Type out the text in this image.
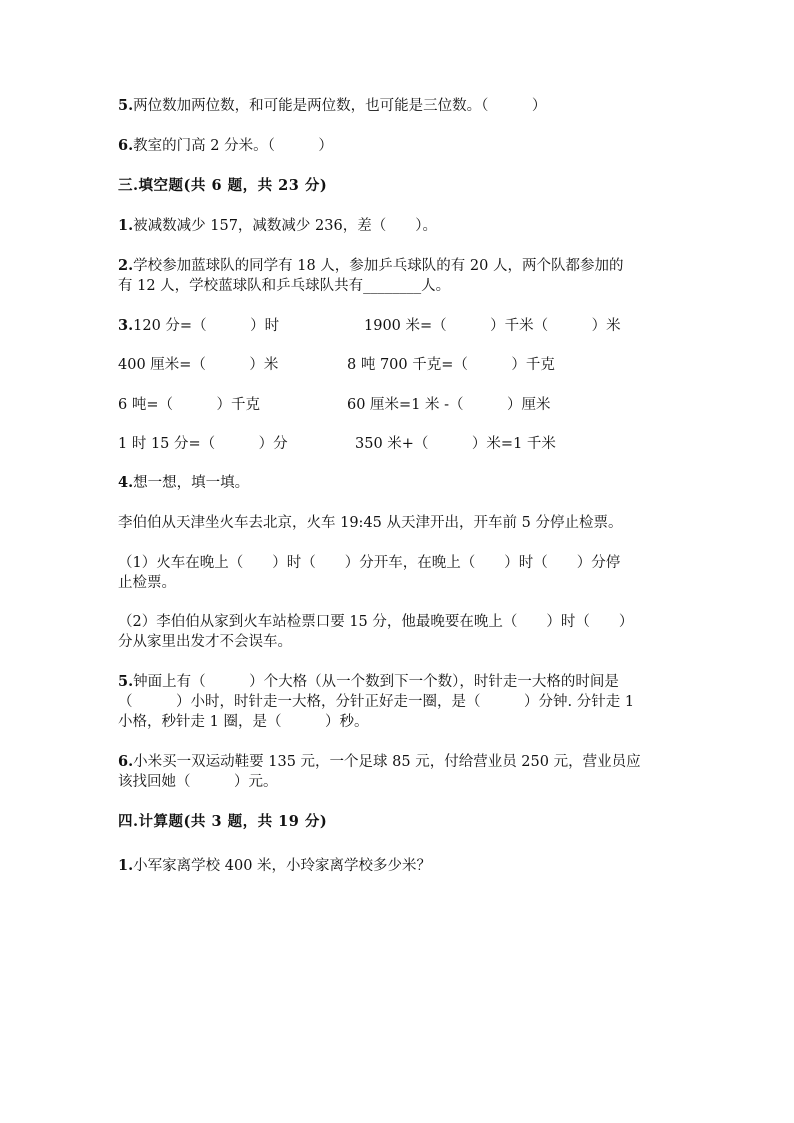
5.两位数加两位数，和可能是两位数，也可能是三位数。（　　　）
6.教室的门高 2 分米。（　　　）
三.填空题(共 6 题，共 23 分)
1.被减数减少 157，减数减少 236，差（　　）。
2.学校参加蓝球队的同学有 18 人，参加乒乓球队的有 20 人，两个队都参加的
有 12 人，学校蓝球队和乒乓球队共有________人。
3.120 分=（　　　）时	1900 米=（　　　）千米（　　　）米
400 厘米=（　　　）米	8 吨 700 千克=（　　　）千克
6 吨=（　　　）千克	60 厘米=1 米 -（　　　）厘米
1 时 15 分=（　　　）分	350 米+（　　　）米=1 千米
4.想一想，填一填。
李伯伯从天津坐火车去北京，火车 19:45 从天津开出，开车前 5 分停止检票。
（1）火车在晚上（　　）时（　　）分开车，在晚上（　　）时（　　）分停
止检票。
（2）李伯伯从家到火车站检票口要 15 分，他最晚要在晚上（　　）时（　　）
分从家里出发才不会误车。
5.钟面上有（　　　）个大格（从一个数到下一个数），时针走一大格的时间是
（　　　）小时，时针走一大格，分针正好走一圈，是（　　　）分钟. 分针走 1
小格，秒针走 1 圈，是（　　　）秒。
6.小米买一双运动鞋要 135 元，一个足球 85 元，付给营业员 250 元，营业员应
该找回她（　　　）元。
四.计算题(共 3 题，共 19 分)
1.小军家离学校 400 米，小玲家离学校多少米？
